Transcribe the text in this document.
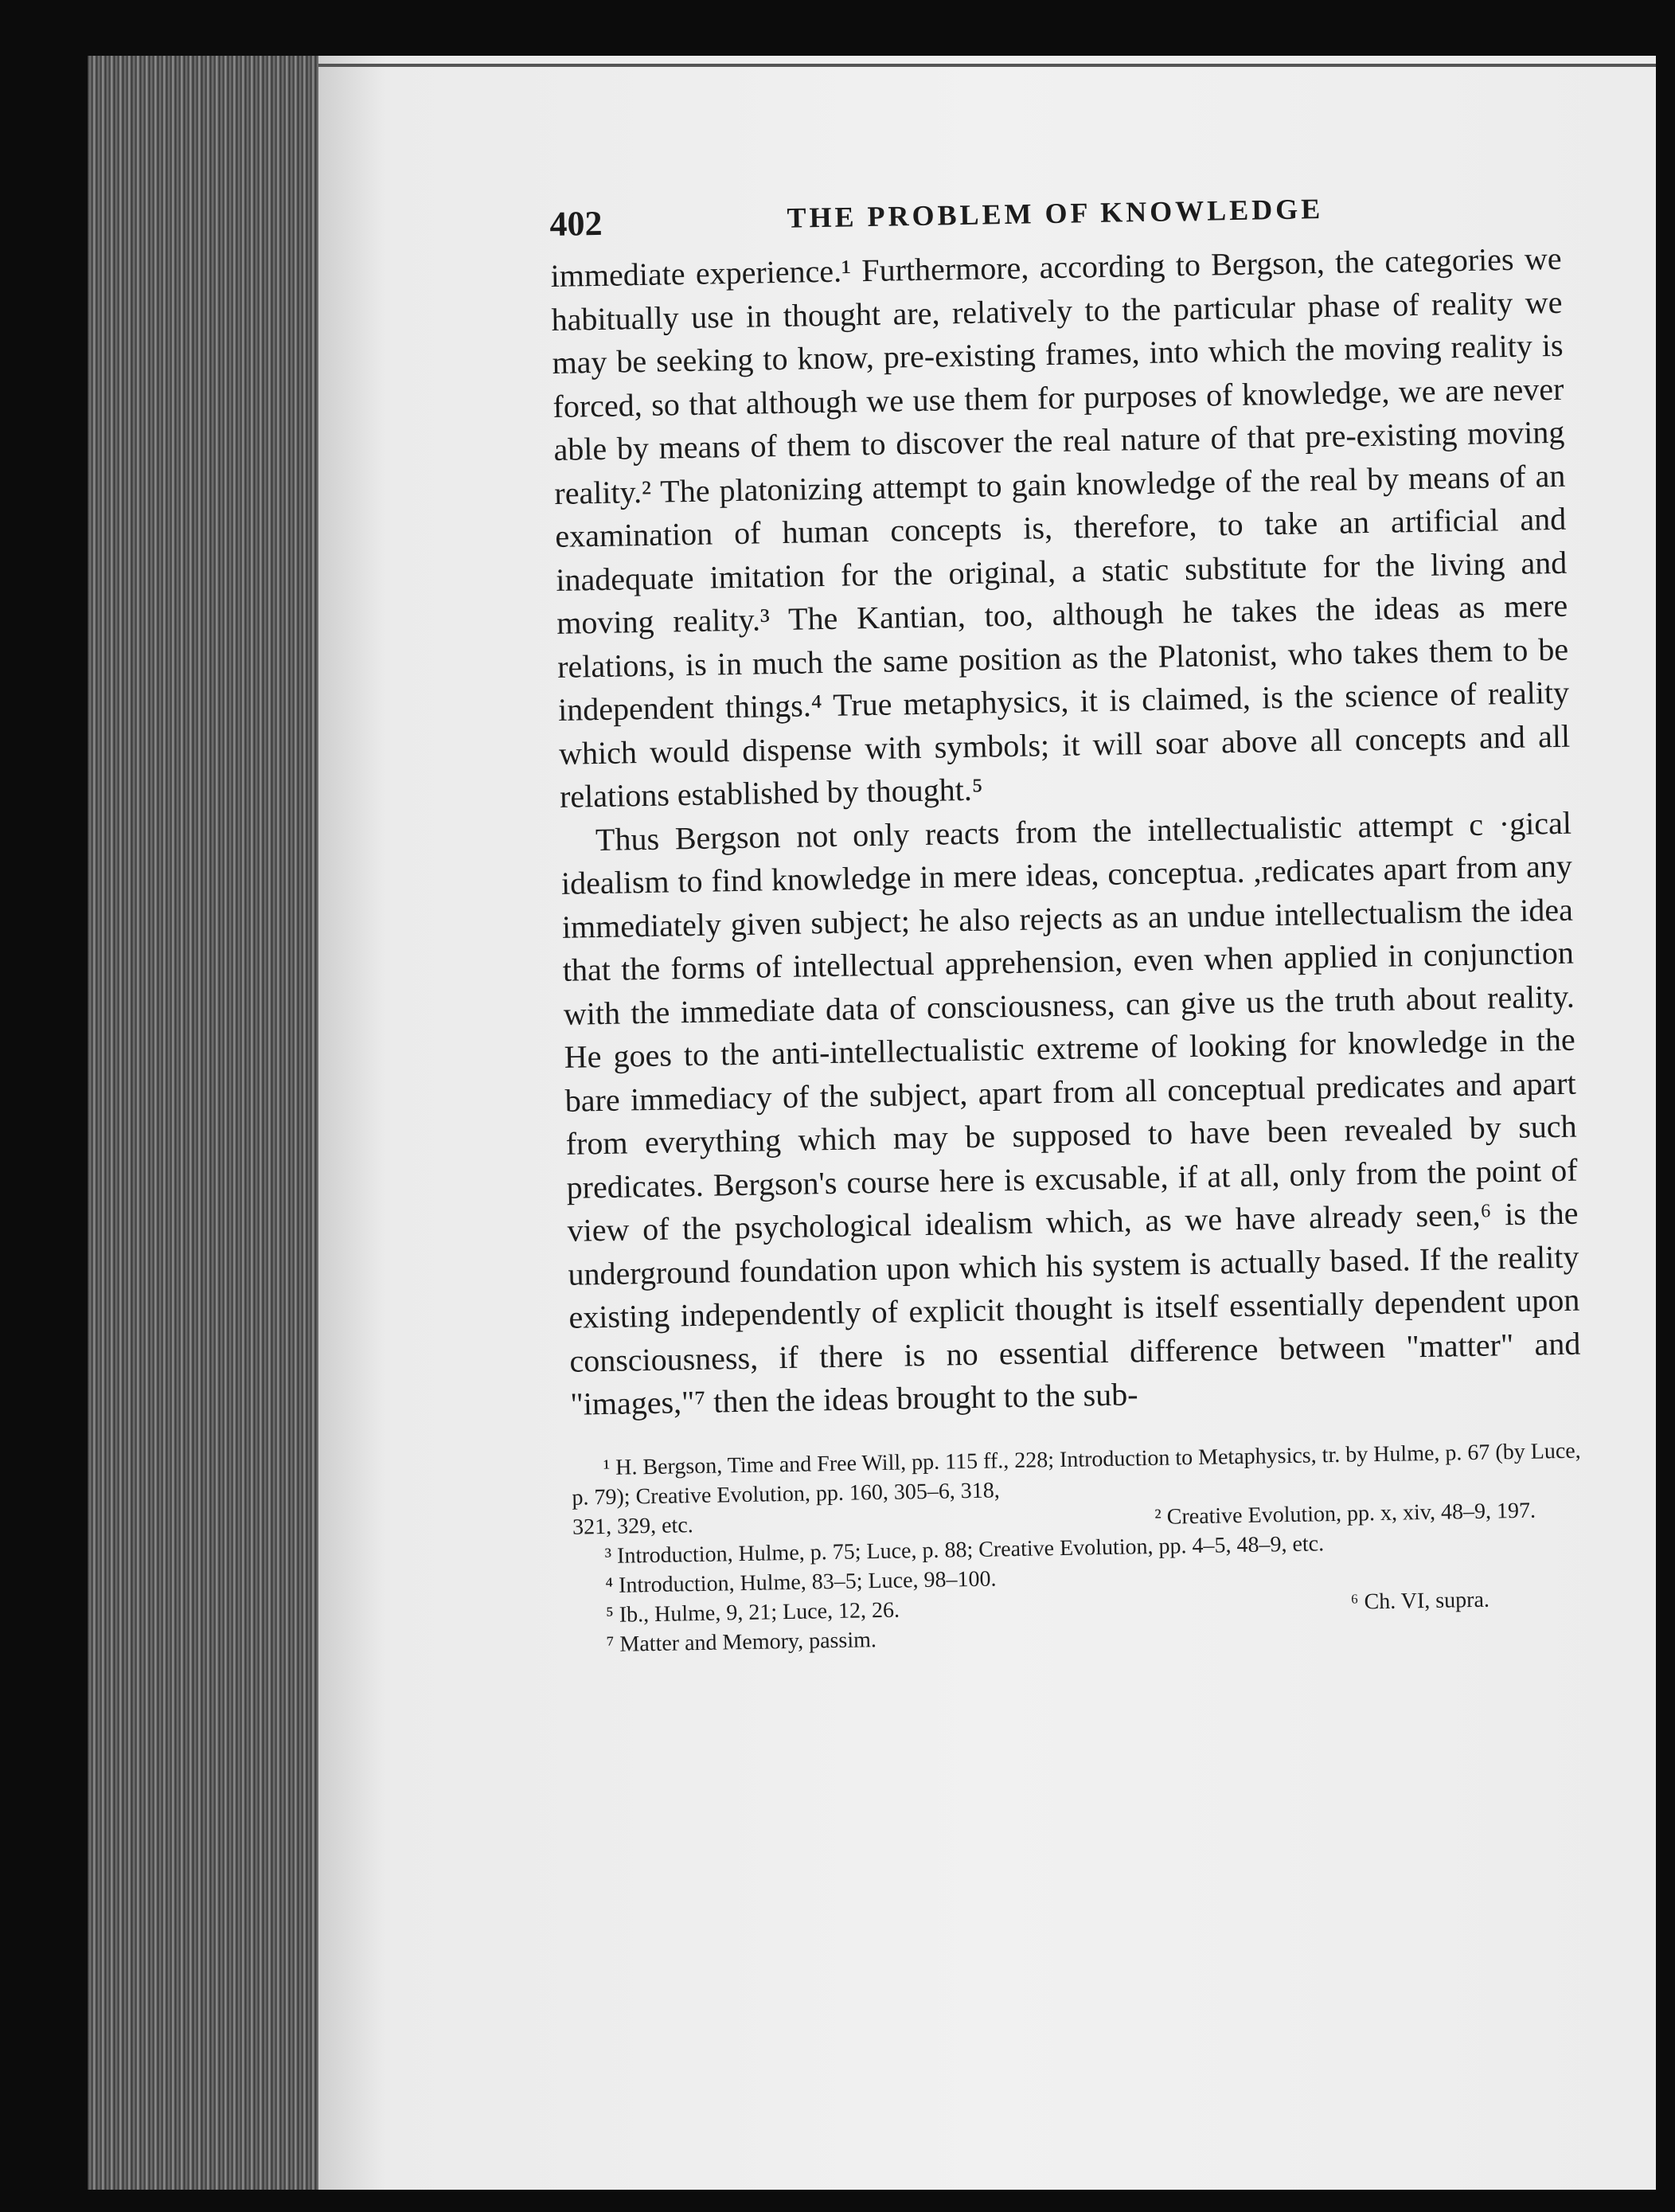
402	THE PROBLEM OF KNOWLEDGE

immediate experience.¹ Furthermore, according to Bergson, the categories we habitually use in thought are, relatively to the particular phase of reality we may be seeking to know, pre-existing frames, into which the moving reality is forced, so that although we use them for purposes of knowledge, we are never able by means of them to discover the real nature of that pre-existing moving reality.² The platonizing attempt to gain knowledge of the real by means of an examination of human concepts is, therefore, to take an artificial and inadequate imitation for the original, a static substitute for the living and moving reality.³ The Kantian, too, although he takes the ideas as mere relations, is in much the same position as the Platonist, who takes them to be independent things.⁴ True metaphysics, it is claimed, is the science of reality which would dispense with symbols; it will soar above all concepts and all relations established by thought.⁵

Thus Bergson not only reacts from the intellectualistic attempt c ·gical idealism to find knowledge in mere ideas, conceptua. ,redicates apart from any immediately given subject; he also rejects as an undue intellectualism the idea that the forms of intellectual apprehension, even when applied in conjunction with the immediate data of consciousness, can give us the truth about reality. He goes to the anti-intellectualistic extreme of looking for knowledge in the bare immediacy of the subject, apart from all conceptual predicates and apart from everything which may be supposed to have been revealed by such predicates. Bergson's course here is excusable, if at all, only from the point of view of the psychological idealism which, as we have already seen,⁶ is the underground foundation upon which his system is actually based. If the reality existing independently of explicit thought is itself essentially dependent upon consciousness, if there is no essential difference between "matter" and "images,"⁷ then the ideas brought to the sub-

¹ H. Bergson, Time and Free Will, pp. 115 ff., 228; Introduction to Metaphysics, tr. by Hulme, p. 67 (by Luce, p. 79); Creative Evolution, pp. 160, 305–6, 318,

321, 329, etc.	² Creative Evolution, pp. x, xiv, 48–9, 197.

³ Introduction, Hulme, p. 75; Luce, p. 88; Creative Evolution, pp. 4–5, 48–9, etc.

⁴ Introduction, Hulme, 83–5; Luce, 98–100.

⁵ Ib., Hulme, 9, 21; Luce, 12, 26.	⁶ Ch. VI, supra.

⁷ Matter and Memory, passim.
